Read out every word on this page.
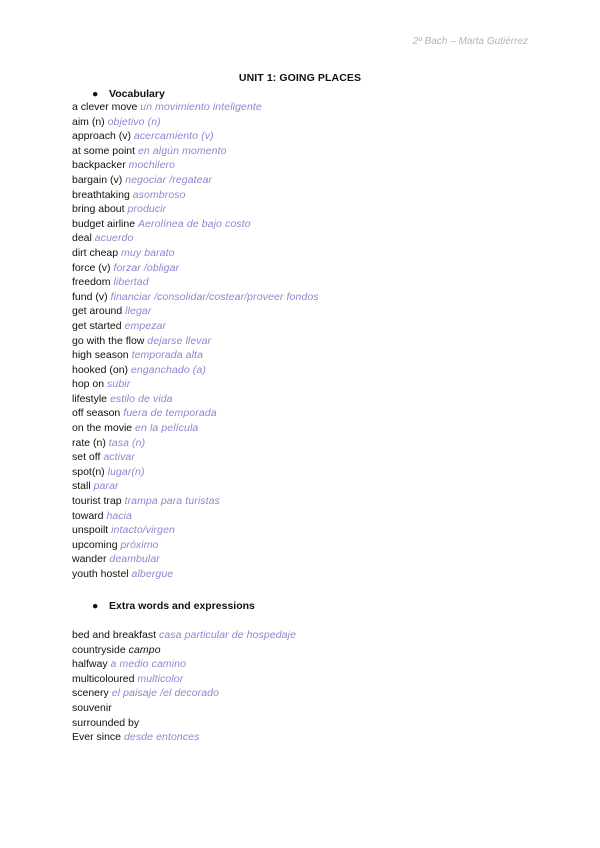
2º Bach – Marta Gutiérrez
UNIT 1: GOING PLACES
● Vocabulary
a clever move un movimiento inteligente
aim (n) objetivo (n)
approach (v) acercamiento (v)
at some point en algún momento
backpacker mochilero
bargain (v) negociar /regatear
breathtaking asombroso
bring about producir
budget airline Aerolínea de bajo costo
deal acuerdo
dirt cheap muy barato
force (v) forzar /obligar
freedom libertad
fund (v) financiar /consolidar/costear/proveer fondos
get around llegar
get started empezar
go with the flow dejarse llevar
high season temporada alta
hooked (on) enganchado (a)
hop on subir
lifestyle estilo de vida
off season fuera de temporada
on the movie en la película
rate (n) tasa (n)
set off activar
spot(n) lugar(n)
stall parar
tourist trap trampa para turistas
toward hacia
unspoilt intacto/virgen
upcoming próximo
wander deambular
youth hostel albergue
● Extra words and expressions
bed and breakfast casa particular de hospedaje
countryside campo
halfway a medio camino
multicoloured multicolor
scenery el paisaje /el decorado
souvenir
surrounded by
Ever since desde entonces
